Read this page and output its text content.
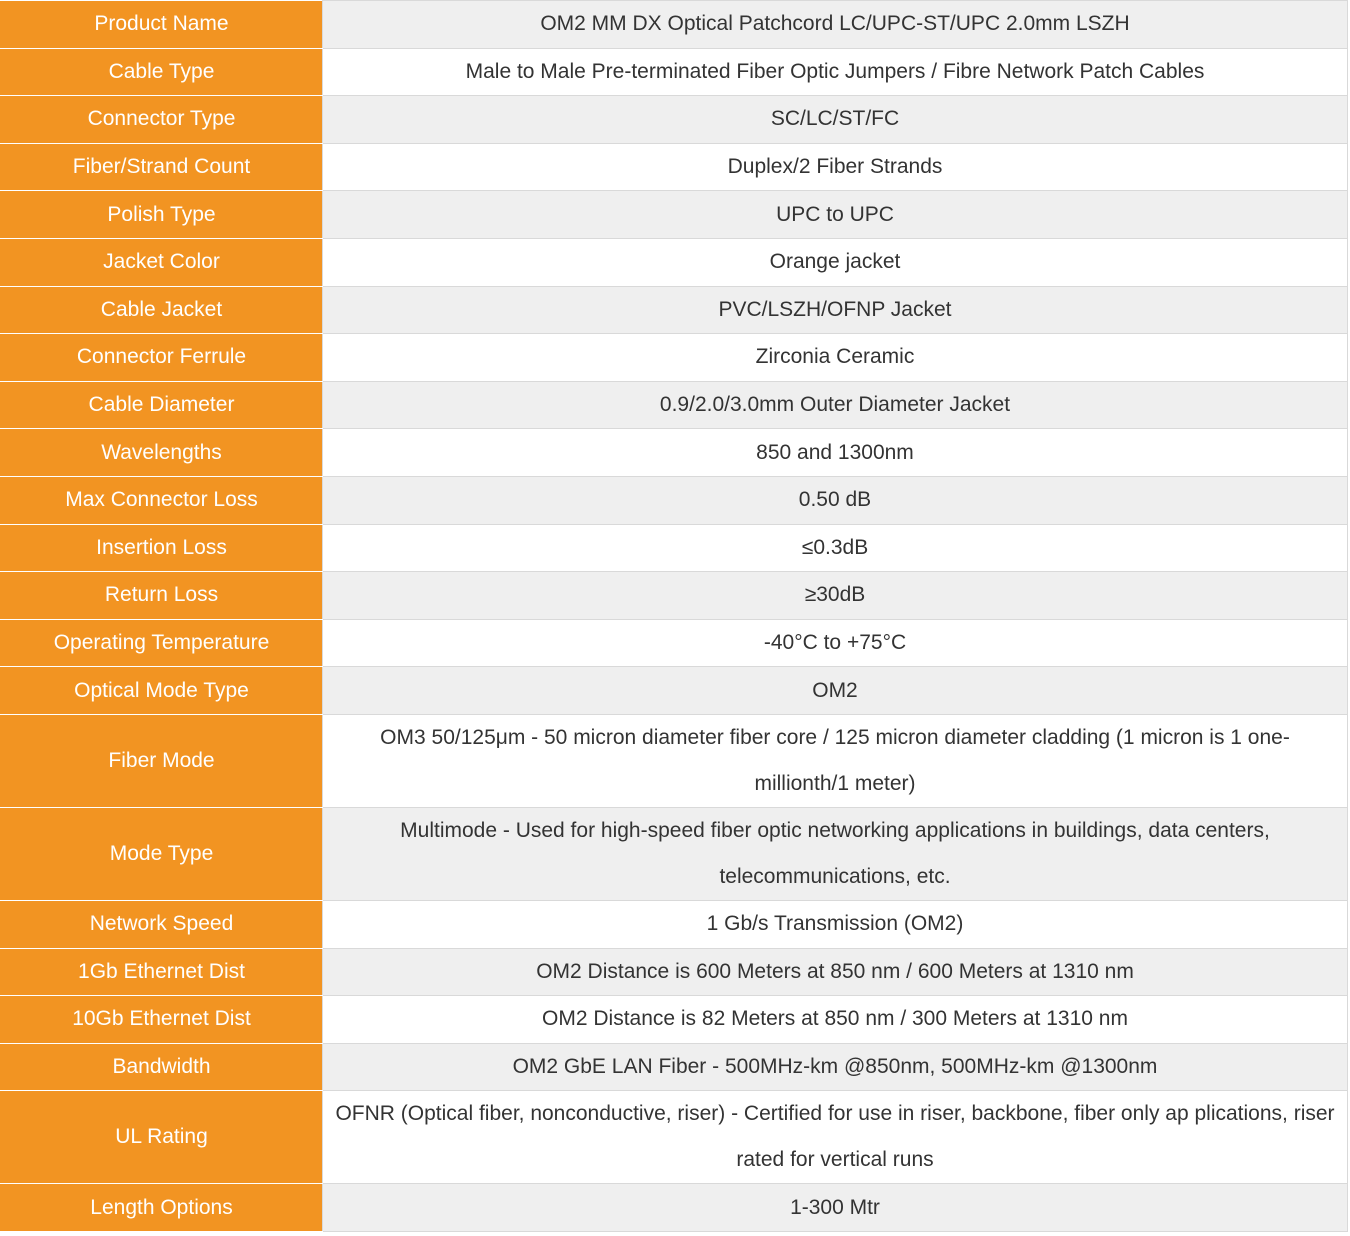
Product Name	OM2 MM DX Optical Patchcord LC/UPC-ST/UPC 2.0mm LSZH
Cable Type	Male to Male Pre-terminated Fiber Optic Jumpers / Fibre Network Patch Cables
Connector Type	SC/LC/ST/FC
Fiber/Strand Count	Duplex/2 Fiber Strands
Polish Type	UPC to UPC
Jacket Color	Orange jacket
Cable Jacket	PVC/LSZH/OFNP Jacket
Connector Ferrule	Zirconia Ceramic
Cable Diameter	0.9/2.0/3.0mm Outer Diameter Jacket
Wavelengths	850 and 1300nm
Max Connector Loss	0.50 dB
Insertion Loss	≤0.3dB
Return Loss	≥30dB
Operating Temperature	-40°C to +75°C
Optical Mode Type	OM2
Fiber Mode	OM3 50/125μm - 50 micron diameter fiber core / 125 micron diameter cladding (1 micron is 1 one-millionth/1 meter)
Mode Type	Multimode - Used for high-speed fiber optic networking applications in buildings, data centers, telecommunications, etc.
Network Speed	1 Gb/s Transmission (OM2)
1Gb Ethernet Dist	OM2 Distance is 600 Meters at 850 nm / 600 Meters at 1310 nm
10Gb Ethernet Dist	OM2 Distance is 82 Meters at 850 nm / 300 Meters at 1310 nm
Bandwidth	OM2 GbE LAN Fiber - 500MHz-km @850nm, 500MHz-km @1300nm
UL Rating	OFNR (Optical fiber, nonconductive, riser) - Certified for use in riser, backbone, fiber only ap plications, riser rated for vertical runs
Length Options	1-300 Mtr
